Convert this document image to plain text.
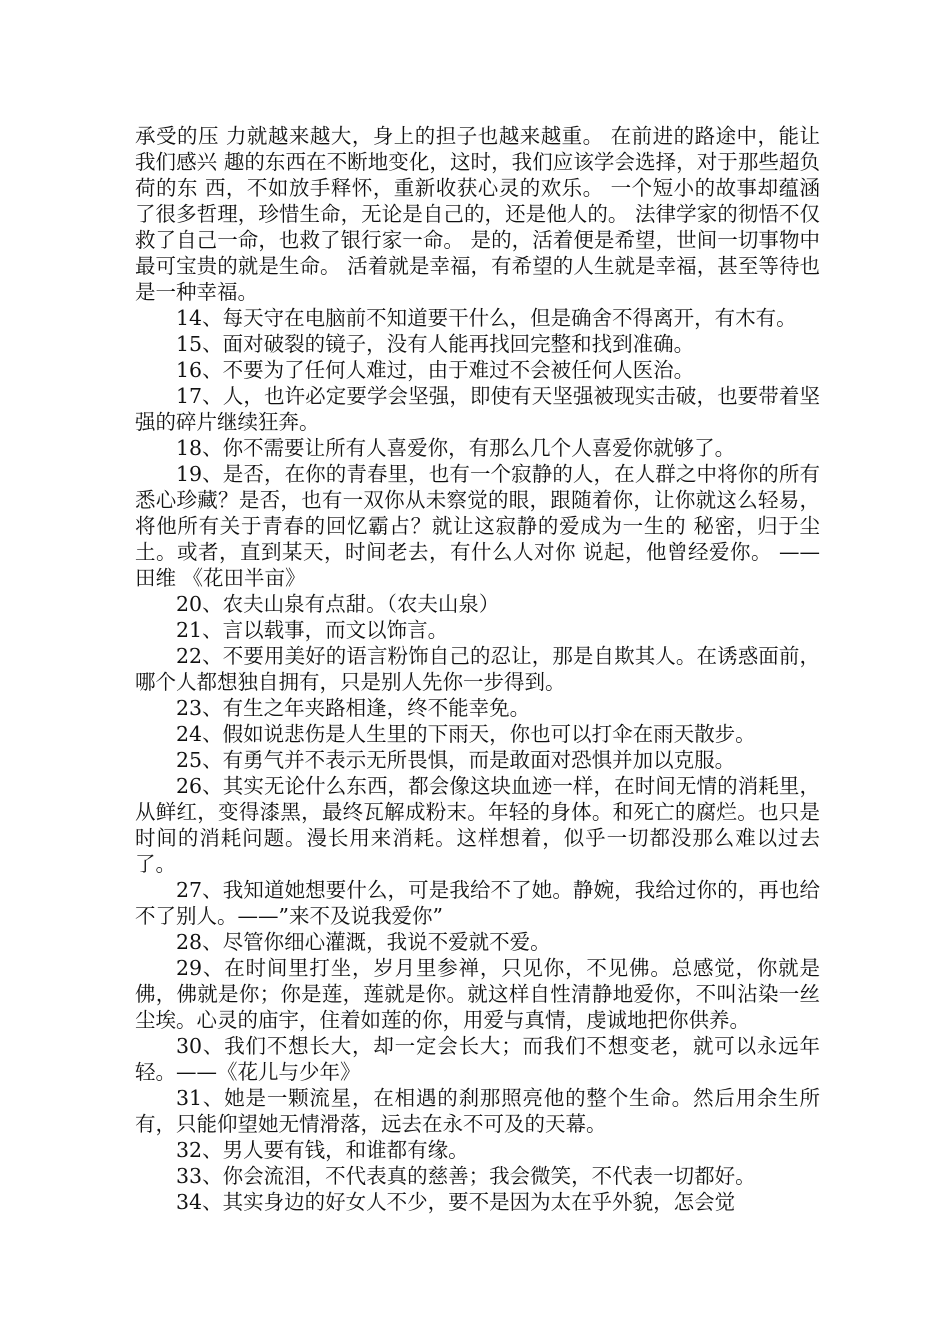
承受的压 力就越来越大，身上的担子也越来越重。 在前进的路途中，能让我们感兴 趣的东西在不断地变化，这时，我们应该学会选择，对于那些超负荷的东 西，不如放手释怀，重新收获心灵的欢乐。 一个短小的故事却蕴涵了很多哲理，珍惜生命，无论是自己的，还是他人的。 法律学家的彻悟不仅救了自己一命，也救了银行家一命。 是的，活着便是希望，世间一切事物中最可宝贵的就是生命。 活着就是幸福，有希望的人生就是幸福，甚至等待也是一种幸福。

14、每天守在电脑前不知道要干什么，但是确舍不得离开，有木有。

15、面对破裂的镜子，没有人能再找回完整和找到准确。

16、不要为了任何人难过，由于难过不会被任何人医治。

17、人，也许必定要学会坚强，即使有天坚强被现实击破，也要带着坚强的碎片继续狂奔。

18、你不需要让所有人喜爱你，有那么几个人喜爱你就够了。

19、是否，在你的青春里，也有一个寂静的人，在人群之中将你的所有悉心珍藏？是否，也有一双你从未察觉的眼，跟随着你，让你就这么轻易，将他所有关于青春的回忆霸占？就让这寂静的爱成为一生的 秘密，归于尘土。或者，直到某天，时间老去，有什么人对你 说起，他曾经爱你。 ——田维 《花田半亩》

20、农夫山泉有点甜。（农夫山泉）

21、言以载事，而文以饰言。

22、不要用美好的语言粉饰自己的忍让，那是自欺其人。在诱惑面前，哪个人都想独自拥有，只是别人先你一步得到。

23、有生之年夹路相逢，终不能幸免。

24、假如说悲伤是人生里的下雨天，你也可以打伞在雨天散步。

25、有勇气并不表示无所畏惧，而是敢面对恐惧并加以克服。

26、其实无论什么东西，都会像这块血迹一样，在时间无情的消耗里，从鲜红，变得漆黑，最终瓦解成粉末。年轻的身体。和死亡的腐烂。也只是时间的消耗问题。漫长用来消耗。这样想着，似乎一切都没那么难以过去了。

27、我知道她想要什么，可是我给不了她。静婉，我给过你的，再也给不了别人。——”来不及说我爱你”

28、尽管你细心灌溉，我说不爱就不爱。

29、在时间里打坐，岁月里参禅，只见你，不见佛。总感觉，你就是佛，佛就是你；你是莲，莲就是你。就这样自性清静地爱你，不叫沾染一丝尘埃。心灵的庙宇，住着如莲的你，用爱与真情，虔诚地把你供养。

30、我们不想长大，却一定会长大；而我们不想变老，就可以永远年轻。——《花儿与少年》

31、她是一颗流星，在相遇的刹那照亮他的整个生命。然后用余生所有，只能仰望她无情滑落，远去在永不可及的天幕。

32、男人要有钱，和谁都有缘。

33、你会流泪，不代表真的慈善；我会微笑，不代表一切都好。

34、其实身边的好女人不少，要不是因为太在乎外貌，怎会觉
